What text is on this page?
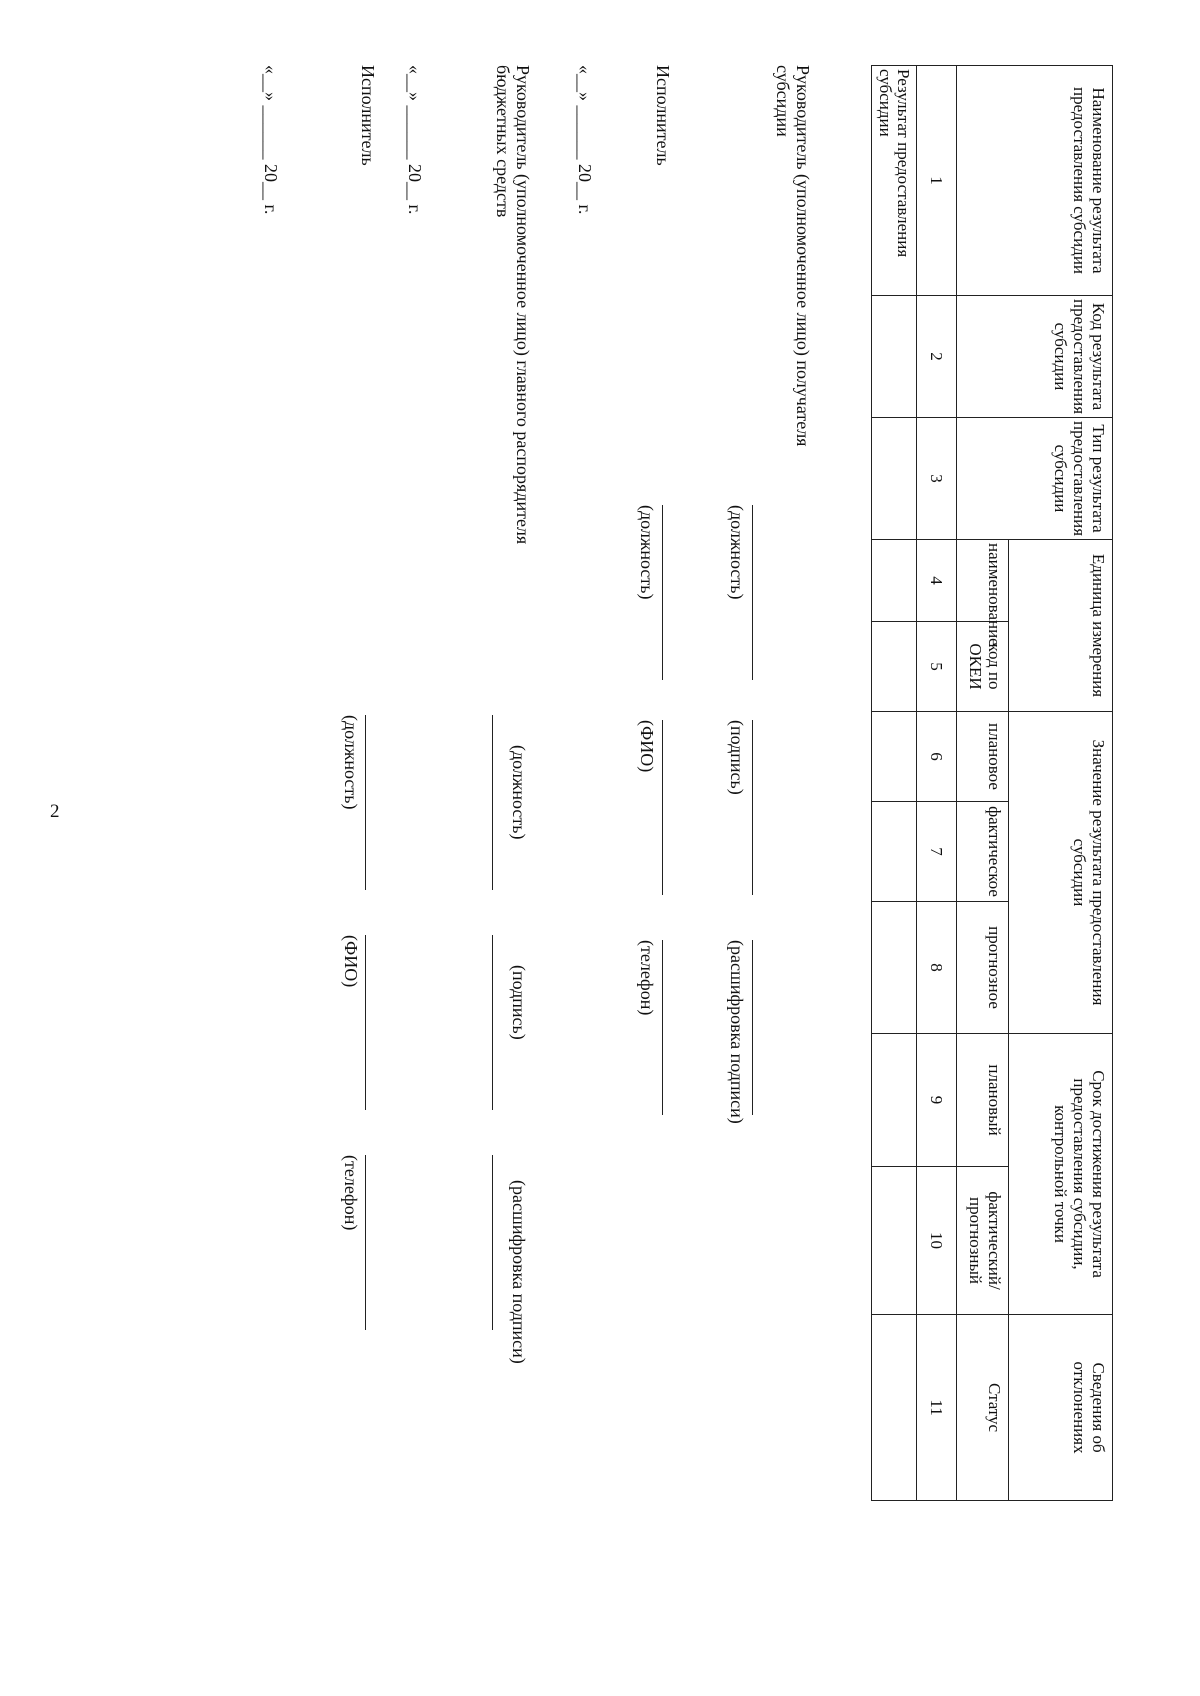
2
Наименование результата предоставления субсидии	Код результата предоставления субсидии	Тип результата предоставления субсидии	Единица измерения		Значение результата предоставления субсидии			Срок достижения результата предоставления субсидии, контрольной точки		Сведения об отклонениях
			наименование	код по ОКЕИ	плановое	фактическое	прогнозное	плановый	фактический/прогнозный	Статус
1	2	3	4	5	6	7	8	9	10	11
Результат предоставления субсидии										
Руководитель (уполномоченное лицо) получателя субсидии
(должность)
(подпись)
(расшифровка подписи)
Исполнитель
(должность)
(ФИО)
(телефон)
«__» ______ 20__ г.
Руководитель (уполномоченное лицо) главного распорядителя бюджетных средств
(должность)
(подпись)
(расшифровка подписи)
«__» ______ 20__ г.
Исполнитель
(должность)
(ФИО)
(телефон)
«__» ______ 20__ г.
